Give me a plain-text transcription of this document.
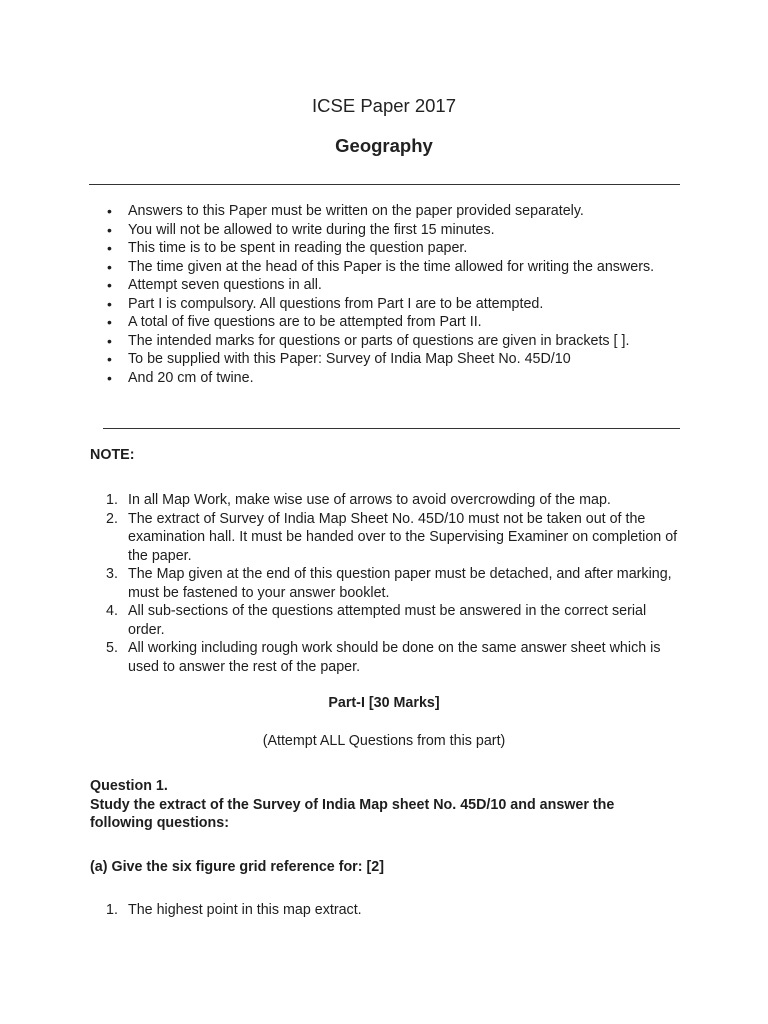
ICSE Paper 2017
Geography
• Answers to this Paper must be written on the paper provided separately.
• You will not be allowed to write during the first 15 minutes.
• This time is to be spent in reading the question paper.
• The time given at the head of this Paper is the time allowed for writing the answers.
• Attempt seven questions in all.
• Part I is compulsory. All questions from Part I are to be attempted.
• A total of five questions are to be attempted from Part II.
• The intended marks for questions or parts of questions are given in brackets [ ].
• To be supplied with this Paper: Survey of India Map Sheet No. 45D/10
• And 20 cm of twine.
NOTE:
1. In all Map Work, make wise use of arrows to avoid overcrowding of the map.
2. The extract of Survey of India Map Sheet No. 45D/10 must not be taken out of the examination hall. It must be handed over to the Supervising Examiner on completion of the paper.
3. The Map given at the end of this question paper must be detached, and after marking, must be fastened to your answer booklet.
4. All sub-sections of the questions attempted must be answered in the correct serial order.
5. All working including rough work should be done on the same answer sheet which is used to answer the rest of the paper.
Part-I [30 Marks]
(Attempt ALL Questions from this part)
Question 1.
Study the extract of the Survey of India Map sheet No. 45D/10 and answer the following questions:
(a) Give the six figure grid reference for: [2]
1. The highest point in this map extract.
